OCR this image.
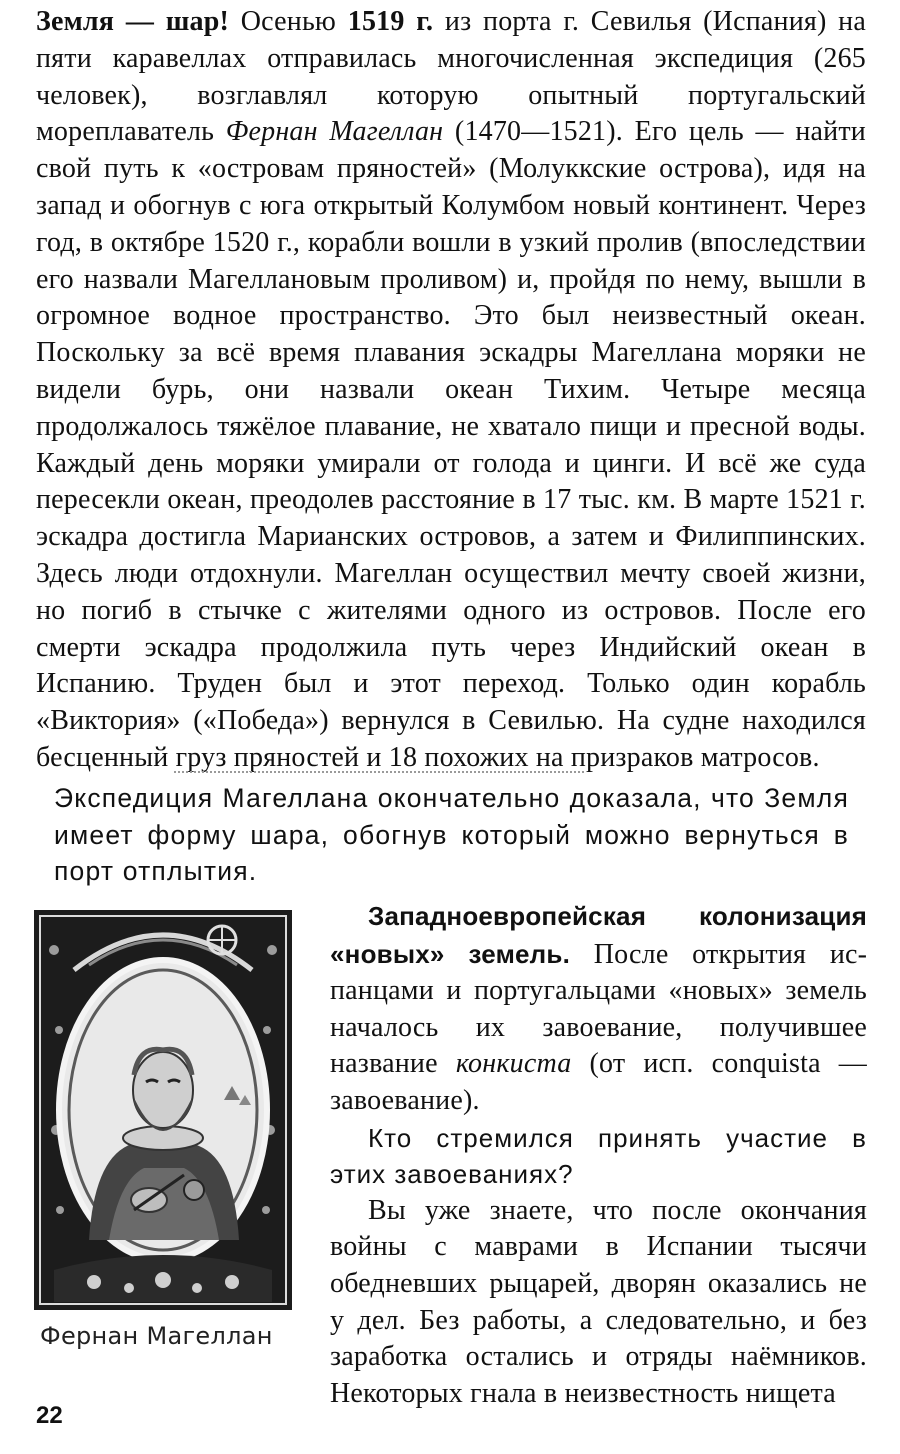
Земля — шар! Осенью 1519 г. из порта г. Севилья (Испания) на пяти каравеллах отправилась многочисленная экспедиция (265 человек), возглавлял которую опытный португальский мореплаватель Фернан Магеллан (1470—1521). Его цель — найти свой путь к «островам пряностей» (Молуккские острова), идя на запад и обогнув с юга открытый Колумбом новый континент. Через год, в октябре 1520 г., корабли вошли в узкий пролив (впоследствии его назвали Магеллановым проливом) и, пройдя по нему, вышли в огромное водное пространство. Это был неизвестный океан. Поскольку за всё время плавания эскадры Магеллана моряки не видели бурь, они назвали океан Тихим. Четыре месяца продолжалось тяжёлое плавание, не хватало пищи и пресной воды. Каждый день моряки умирали от голода и цинги. И всё же суда пересекли океан, преодолев расстояние в 17 тыс. км. В марте 1521 г. эскадра достигла Марианских островов, а затем и Филиппинских. Здесь люди отдохнули. Магеллан осуществил мечту своей жизни, но погиб в стычке с жителями одного из островов. После его смерти эскадра продолжила путь через Индийский океан в Испанию. Труден был и этот переход. Только один корабль «Виктория» («Победа») вернулся в Севилью. На судне находился бесценный груз пряностей и 18 похожих на призраков матросов.
Экспедиция Магеллана окончательно доказала, что Земля имеет форму шара, обогнув который можно вернуться в порт отплытия.
Фернан Магеллан

Западноевропейская колонизация «новых» земель. После открытия испанцами и португальцами «новых» земель началось их завоевание, получившее название конкиста (от исп. conquista — завоевание).

Кто стремился принять участие в этих завоеваниях?

Вы уже знаете, что после окончания войны с маврами в Испании тысячи обедневших рыцарей, дворян оказались не у дел. Без работы, а следовательно, и без заработка остались и отряды наёмников. Некоторых гнала в неизвестность нищета

22
